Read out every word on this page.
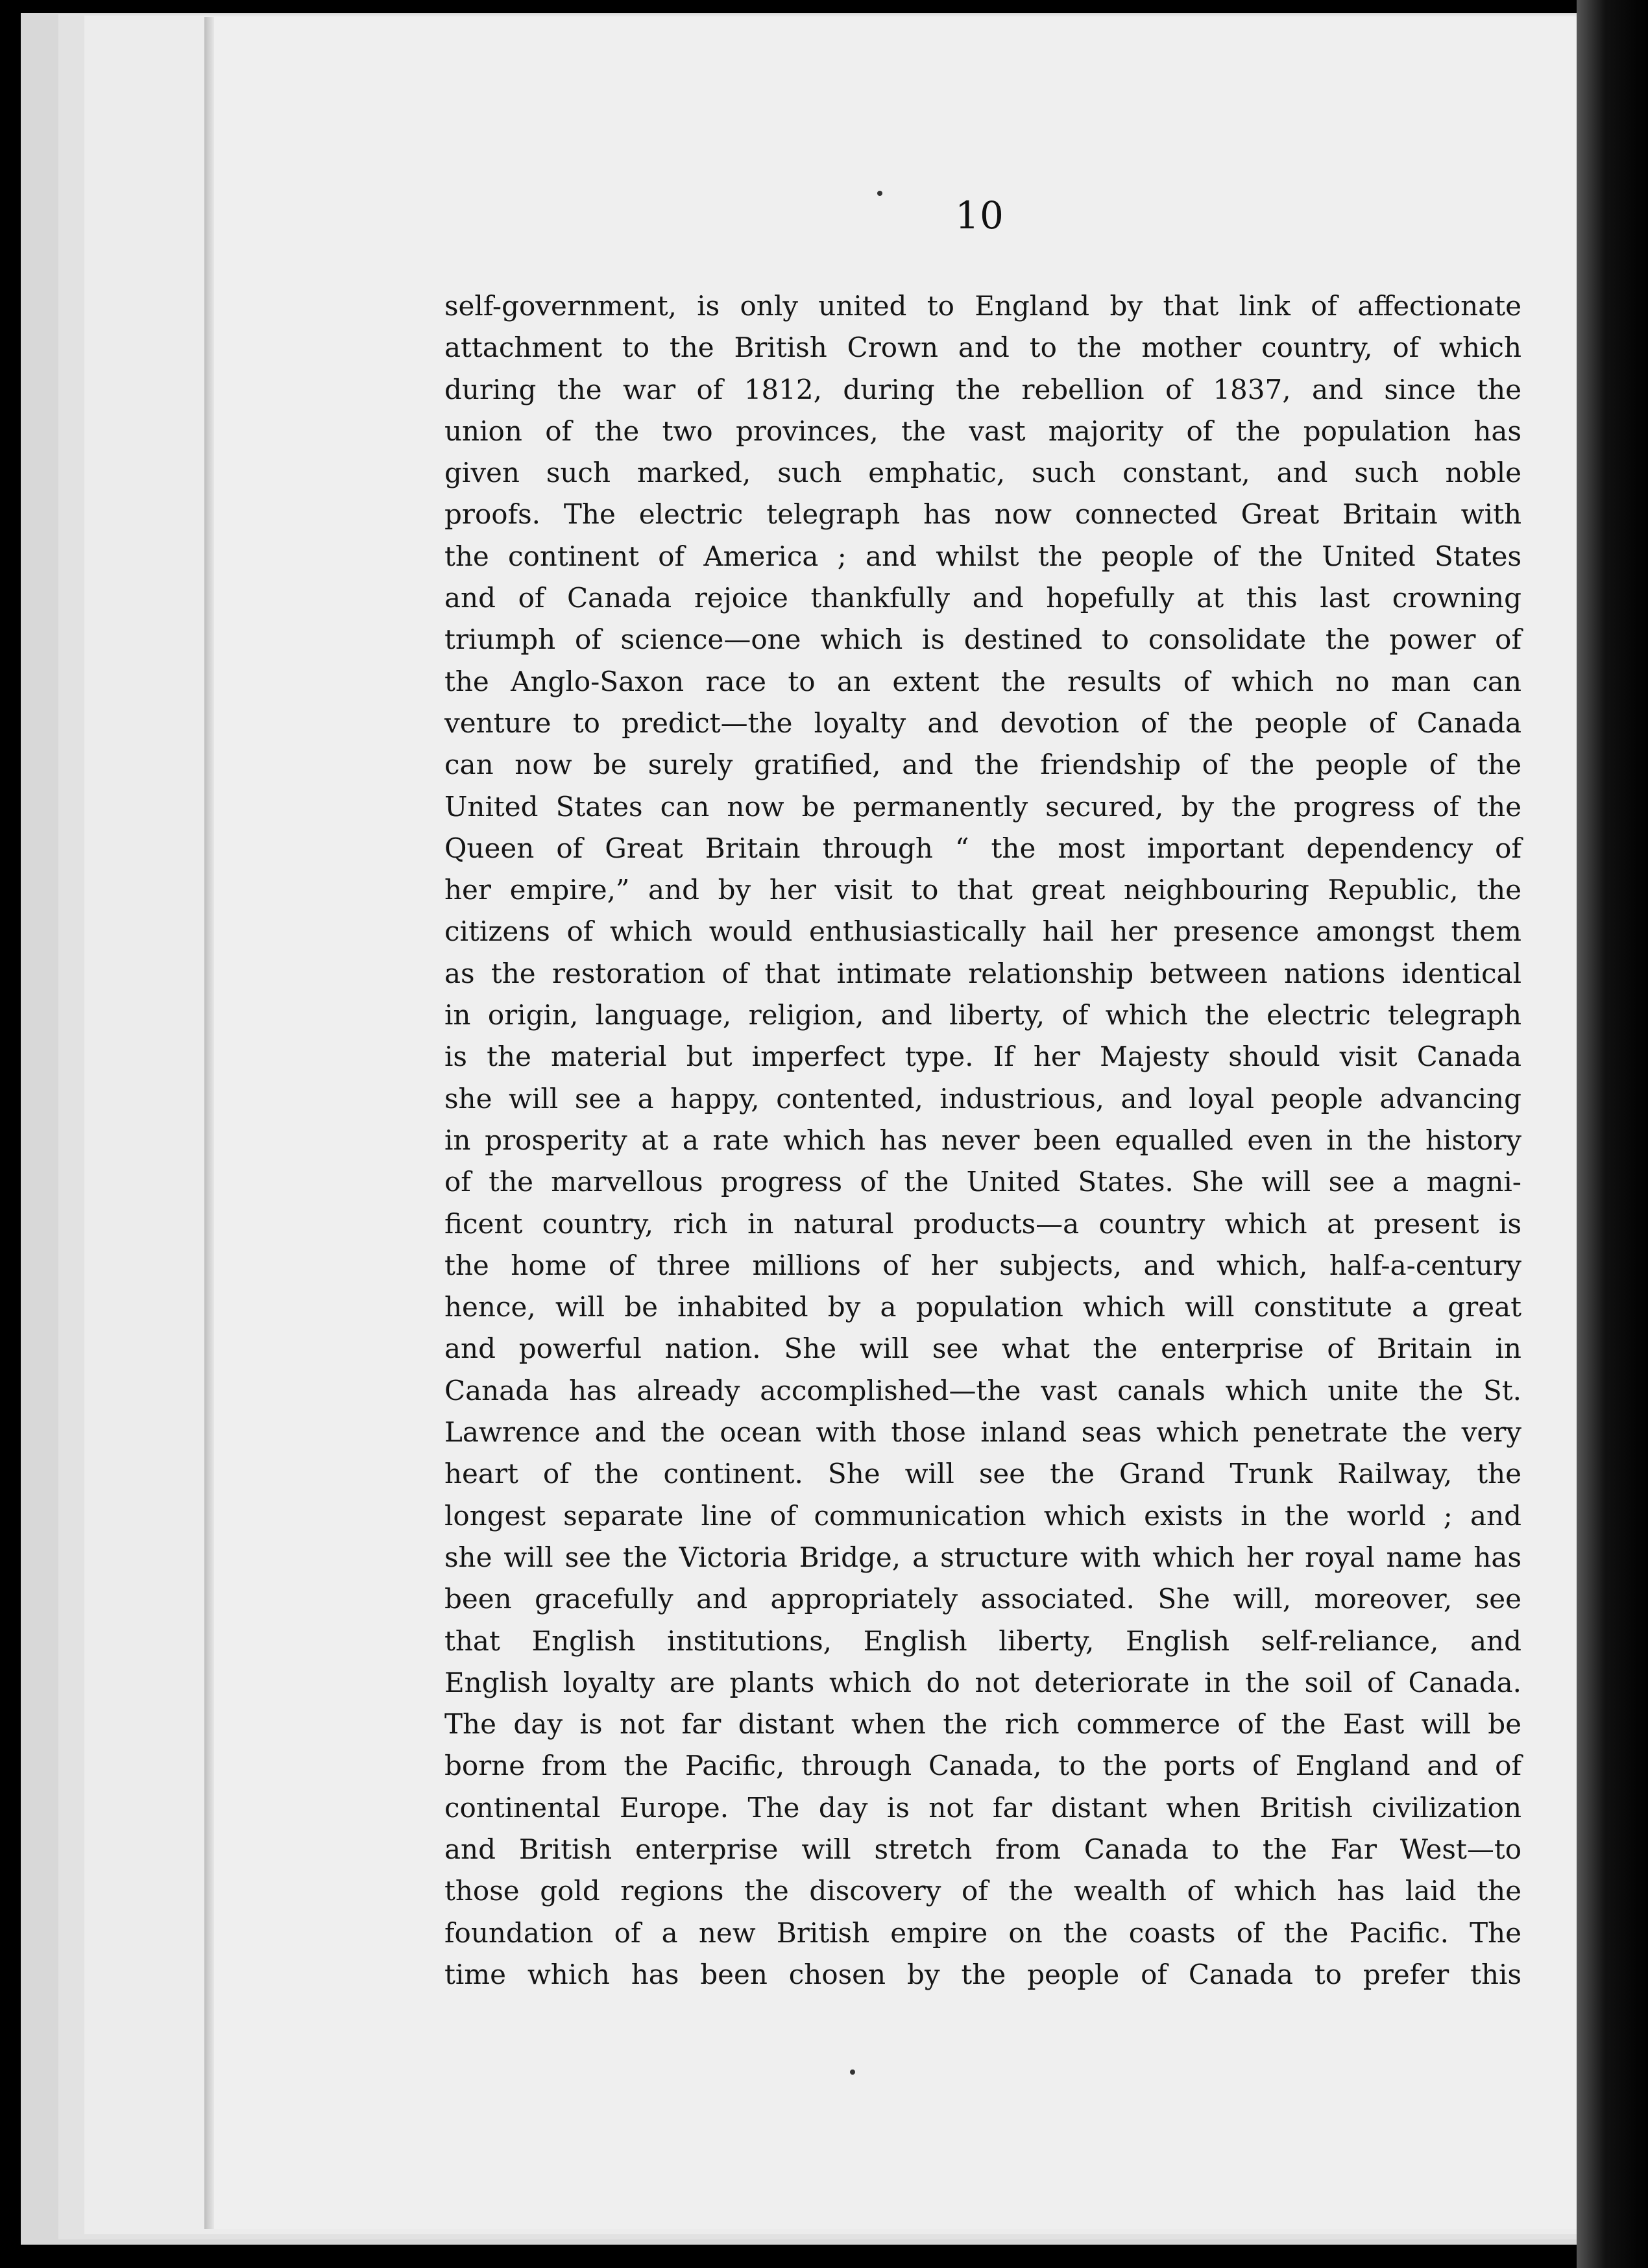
10
self-government, is only united to England by that link of affectionate
attachment to the British Crown and to the mother country, of which
during the war of 1812, during the rebellion of 1837, and since the
union of the two provinces, the vast majority of the population has
given such marked, such emphatic, such constant, and such noble
proofs. The electric telegraph has now connected Great Britain with
the continent of America ; and whilst the people of the United States
and of Canada rejoice thankfully and hopefully at this last crowning
triumph of science—one which is destined to consolidate the power of
the Anglo-Saxon race to an extent the results of which no man can
venture to predict—the loyalty and devotion of the people of Canada
can now be surely gratified, and the friendship of the people of the
United States can now be permanently secured, by the progress of the
Queen of Great Britain through “ the most important dependency of
her empire,” and by her visit to that great neighbouring Republic, the
citizens of which would enthusiastically hail her presence amongst them
as the restoration of that intimate relationship between nations identical
in origin, language, religion, and liberty, of which the electric telegraph
is the material but imperfect type. If her Majesty should visit Canada
she will see a happy, contented, industrious, and loyal people advancing
in prosperity at a rate which has never been equalled even in the history
of the marvellous progress of the United States. She will see a magni-
ficent country, rich in natural products—a country which at present is
the home of three millions of her subjects, and which, half-a-century
hence, will be inhabited by a population which will constitute a great
and powerful nation. She will see what the enterprise of Britain in
Canada has already accomplished—the vast canals which unite the St.
Lawrence and the ocean with those inland seas which penetrate the very
heart of the continent. She will see the Grand Trunk Railway, the
longest separate line of communication which exists in the world ; and
she will see the Victoria Bridge, a structure with which her royal name has
been gracefully and appropriately associated. She will, moreover, see
that English institutions, English liberty, English self-reliance, and
English loyalty are plants which do not deteriorate in the soil of Canada.
The day is not far distant when the rich commerce of the East will be
borne from the Pacific, through Canada, to the ports of England and of
continental Europe. The day is not far distant when British civilization
and British enterprise will stretch from Canada to the Far West—to
those gold regions the discovery of the wealth of which has laid the
foundation of a new British empire on the coasts of the Pacific. The
time which has been chosen by the people of Canada to prefer this
